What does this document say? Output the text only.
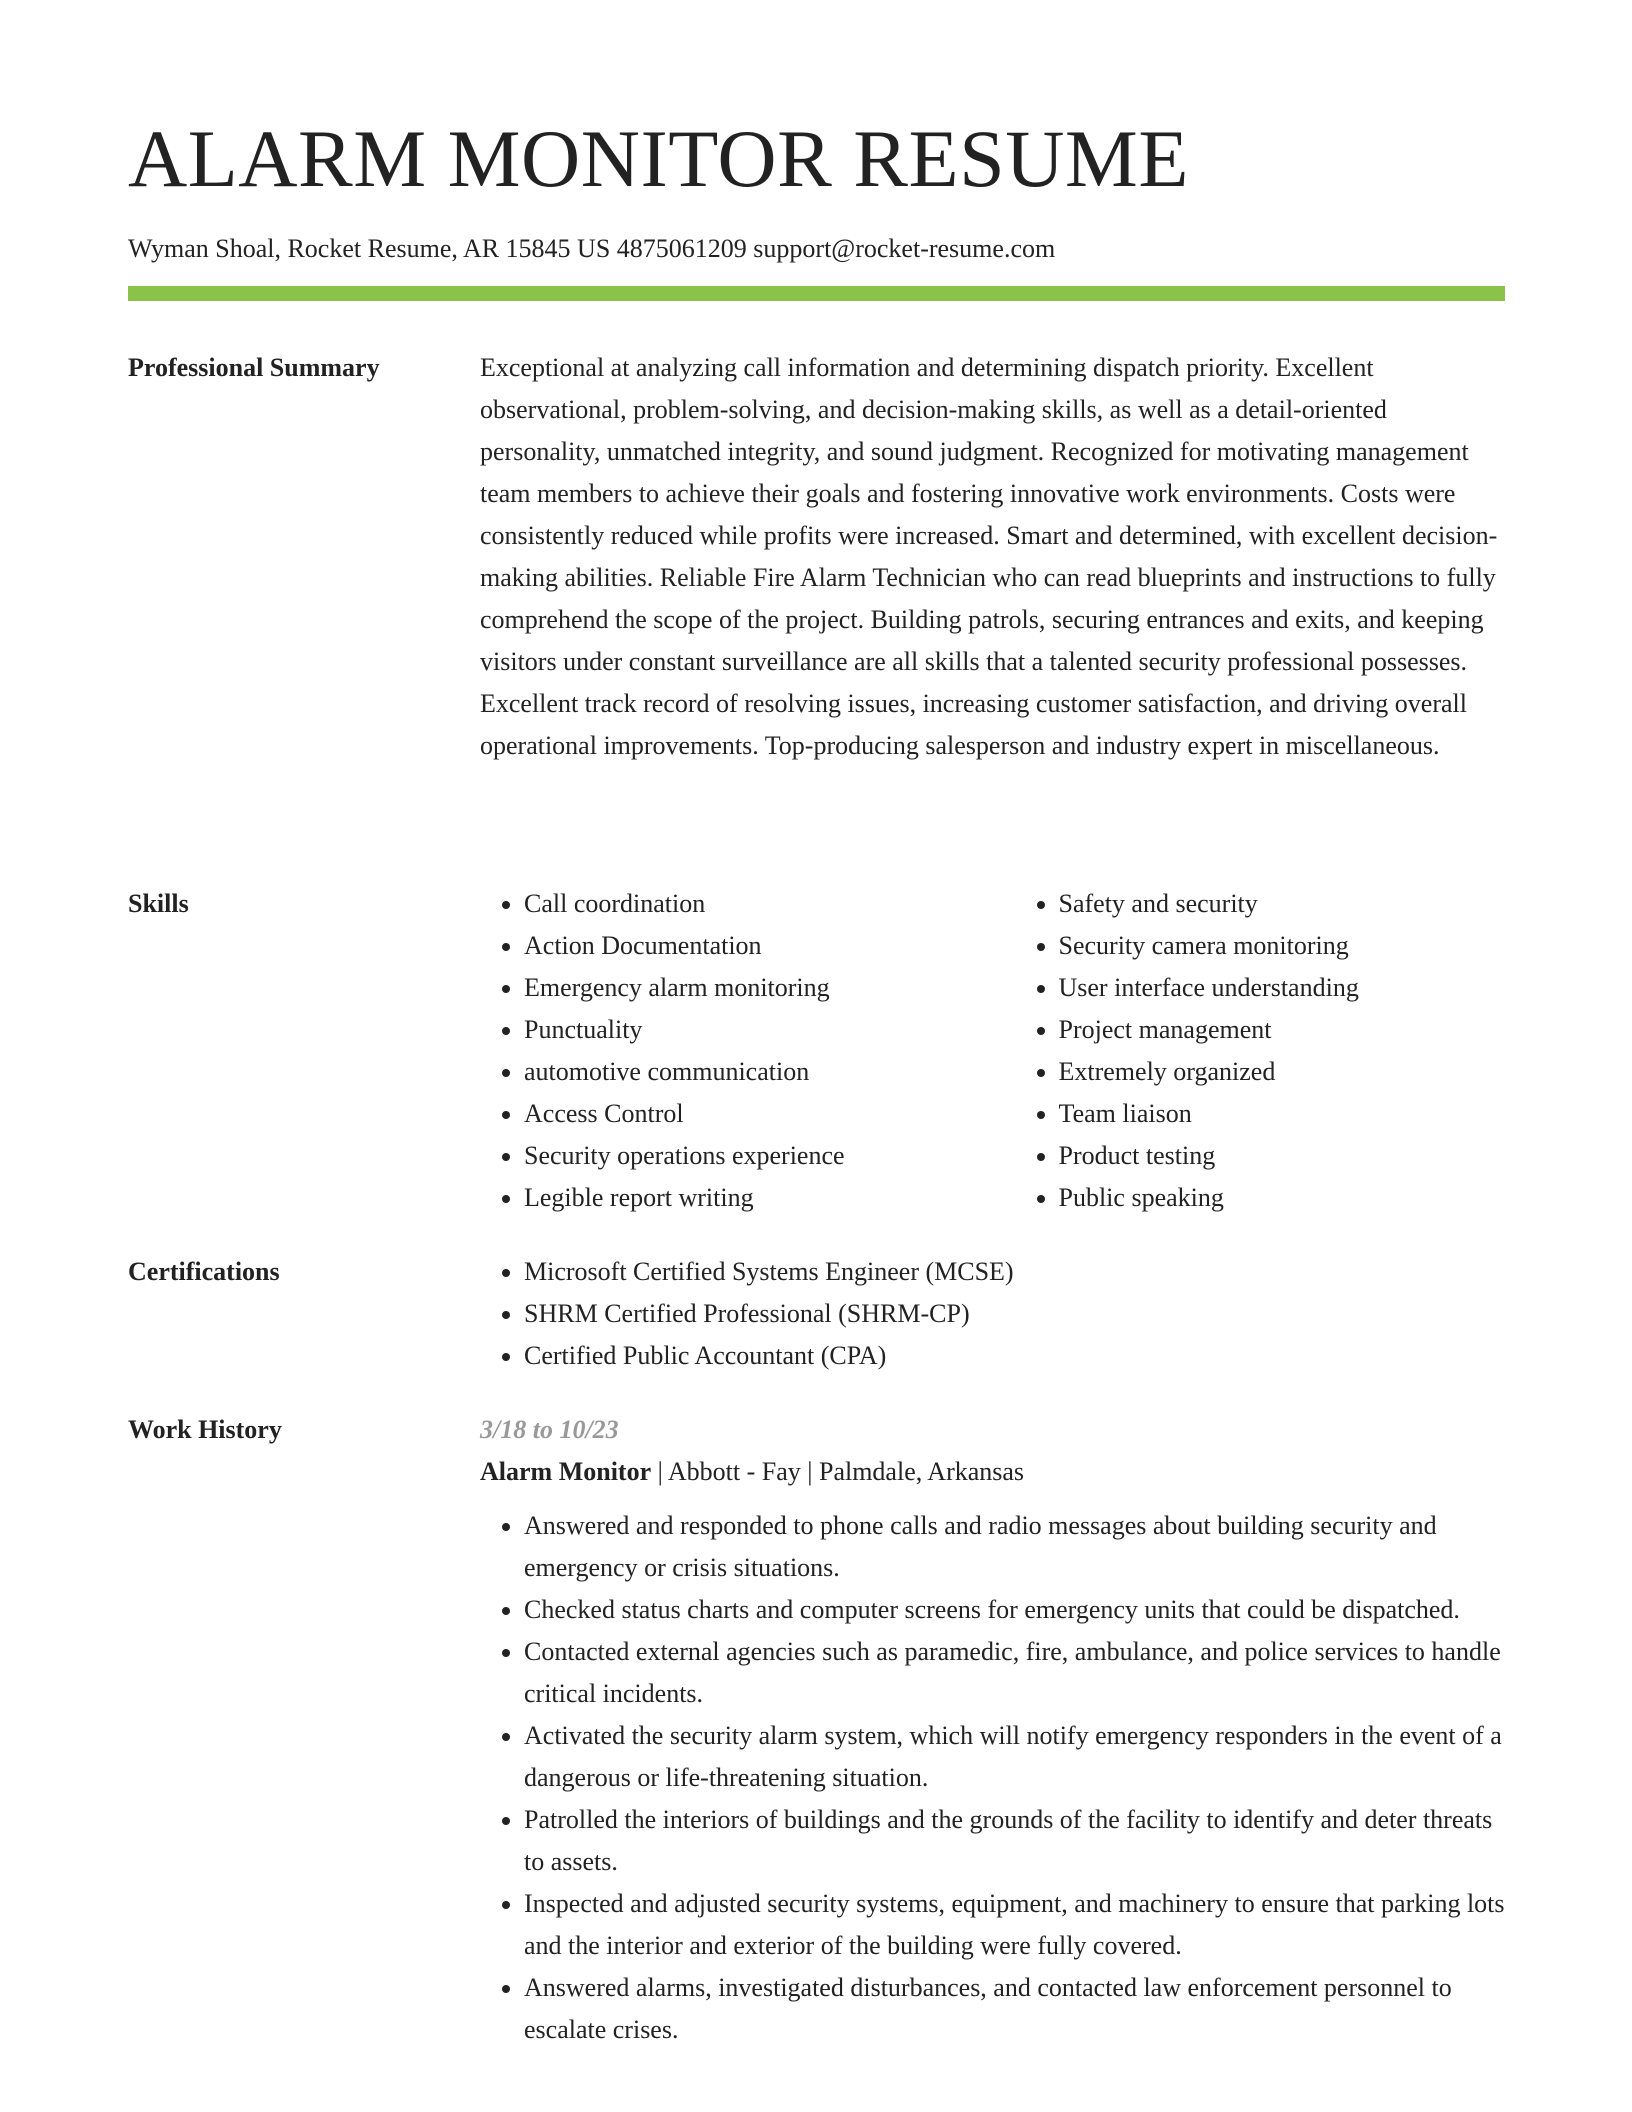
ALARM MONITOR RESUME
Wyman Shoal, Rocket Resume, AR 15845 US 4875061209 support@rocket-resume.com
Professional Summary	Exceptional at analyzing call information and determining dispatch priority. Excellent observational, problem-solving, and decision-making skills, as well as a detail-oriented personality, unmatched integrity, and sound judgment. Recognized for motivating management team members to achieve their goals and fostering innovative work environments. Costs were consistently reduced while profits were increased. Smart and determined, with excellent decision-making abilities. Reliable Fire Alarm Technician who can read blueprints and instructions to fully comprehend the scope of the project. Building patrols, securing entrances and exits, and keeping visitors under constant surveillance are all skills that a talented security professional possesses. Excellent track record of resolving issues, increasing customer satisfaction, and driving overall operational improvements. Top-producing salesperson and industry expert in miscellaneous.

Skills	• Call coordination
• Action Documentation
• Emergency alarm monitoring
• Punctuality
• automotive communication
• Access Control
• Security operations experience
• Legible report writing
• Safety and security
• Security camera monitoring
• User interface understanding
• Project management
• Extremely organized
• Team liaison
• Product testing
• Public speaking
Certifications	• Microsoft Certified Systems Engineer (MCSE)
• SHRM Certified Professional (SHRM-CP)
• Certified Public Accountant (CPA)
Work History	3/18 to 10/23
Alarm Monitor | Abbott - Fay | Palmdale, Arkansas
• Answered and responded to phone calls and radio messages about building security and emergency or crisis situations.
• Checked status charts and computer screens for emergency units that could be dispatched.
• Contacted external agencies such as paramedic, fire, ambulance, and police services to handle critical incidents.
• Activated the security alarm system, which will notify emergency responders in the event of a dangerous or life-threatening situation.
• Patrolled the interiors of buildings and the grounds of the facility to identify and deter threats to assets.
• Inspected and adjusted security systems, equipment, and machinery to ensure that parking lots and the interior and exterior of the building were fully covered.
• Answered alarms, investigated disturbances, and contacted law enforcement personnel to escalate crises.
